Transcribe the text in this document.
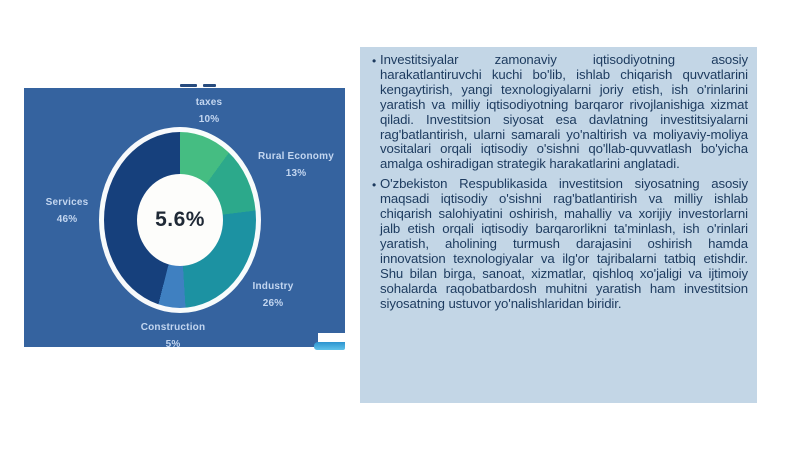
5.6%
taxes
10%
Rural Economy
13%
Industry
26%
Construction
5%
Services
46%
• Investitsiyalar zamonaviy iqtisodiyotning asosiy harakatlantiruvchi kuchi bo'lib, ishlab chiqarish quvvatlarini kengaytirish, yangi texnologiyalarni joriy etish, ish o'rinlarini yaratish va milliy iqtisodiyotning barqaror rivojlanishiga xizmat qiladi. Investitsion siyosat esa davlatning investitsiyalarni rag'batlantirish, ularni samarali yo'naltirish va moliyaviy-moliya vositalari orqali iqtisodiy o'sishni qo'llab-quvvatlash bo'yicha amalga oshiradigan strategik harakatlarini anglatadi.
• O'zbekiston Respublikasida investitsion siyosatning asosiy maqsadi iqtisodiy o'sishni rag'batlantirish va milliy ishlab chiqarish salohiyatini oshirish, mahalliy va xorijiy investorlarni jalb etish orqali iqtisodiy barqarorlikni ta'minlash, ish o'rinlari yaratish, aholining turmush darajasini oshirish hamda innovatsion texnologiyalar va ilg'or tajribalarni tatbiq etishdir. Shu bilan birga, sanoat, xizmatlar, qishloq xo'jaligi va ijtimoiy sohalarda raqobatbardosh muhitni yaratish ham investitsion siyosatning ustuvor yo'nalishlaridan biridir.
